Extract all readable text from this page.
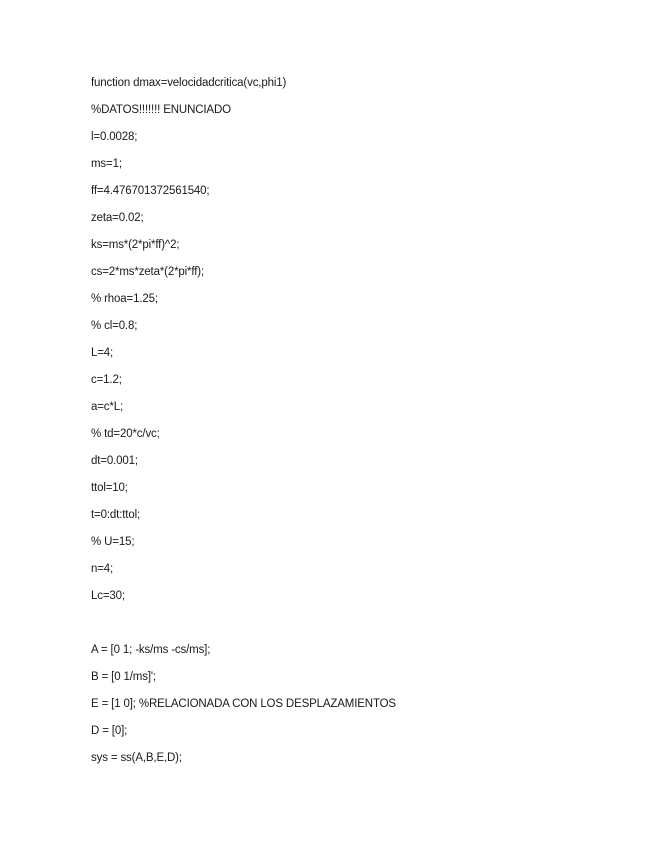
function dmax=velocidadcritica(vc,phi1)
%DATOS!!!!!!! ENUNCIADO
l=0.0028;
ms=1;
ff=4.476701372561540;
zeta=0.02;
ks=ms*(2*pi*ff)^2;
cs=2*ms*zeta*(2*pi*ff);
% rhoa=1.25;
% cl=0.8;
L=4;
c=1.2;
a=c*L;
% td=20*c/vc;
dt=0.001;
ttol=10;
t=0:dt:ttol;
% U=15;
n=4;
Lc=30;
A = [0 1; -ks/ms -cs/ms];
B = [0 1/ms]';
E = [1 0]; %RELACIONADA CON LOS DESPLAZAMIENTOS
D = [0];
sys = ss(A,B,E,D);
